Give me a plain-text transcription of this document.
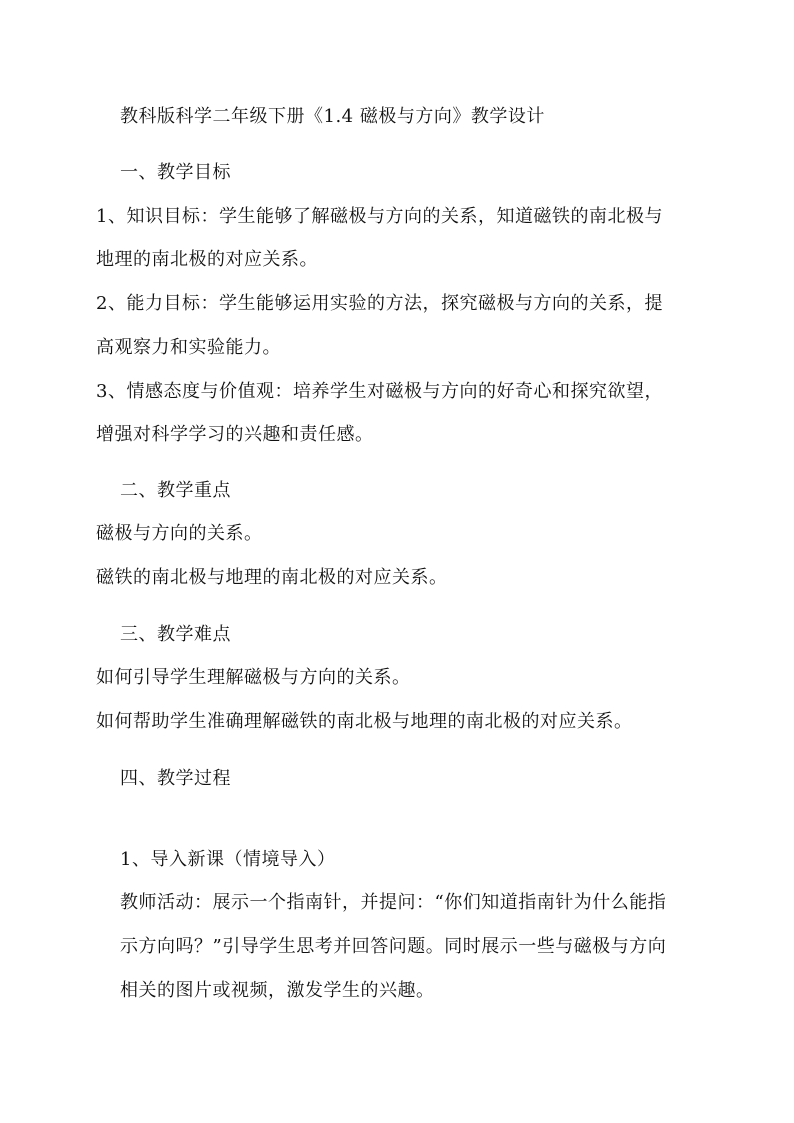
教科版科学二年级下册《1.4 磁极与方向》教学设计
一、教学目标
1、知识目标：学生能够了解磁极与方向的关系，知道磁铁的南北极与
地理的南北极的对应关系。
2、能力目标：学生能够运用实验的方法，探究磁极与方向的关系，提
高观察力和实验能力。
3、情感态度与价值观：培养学生对磁极与方向的好奇心和探究欲望，
增强对科学学习的兴趣和责任感。
二、教学重点
磁极与方向的关系。
磁铁的南北极与地理的南北极的对应关系。
三、教学难点
如何引导学生理解磁极与方向的关系。
如何帮助学生准确理解磁铁的南北极与地理的南北极的对应关系。
四、教学过程
1、导入新课（情境导入）
教师活动：展示一个指南针，并提问：“你们知道指南针为什么能指
示方向吗？”引导学生思考并回答问题。同时展示一些与磁极与方向
相关的图片或视频，激发学生的兴趣。
